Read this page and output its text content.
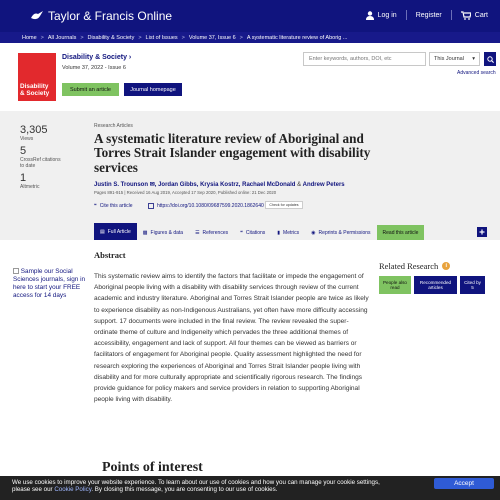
Taylor & Francis Online	Log in	Register	Cart
Home > All Journals > Disability & Society > List of Issues > Volume 37, Issue 6 > A systematic literature review of Aborig ...
Disability
& Society
Disability & Society ›
Volume 37, 2022 - Issue 6
Submit an article	Journal homepage
Enter keywords, authors, DOI, etc
This Journal ▾
Advanced search
3,305
Views
5
CrossRef citations to date
1
Altmetric
Research Articles
A systematic literature review of Aboriginal and Torres Strait Islander engagement with disability services
Justin S. Trounson ✉, Jordan Gibbs, Krysia Kostrz, Rachael McDonald & Andrew Peters
Pages 891-915 | Received 16 Aug 2019, Accepted 17 Sep 2020, Published online: 21 Dec 2020
❝ Cite this article	https://doi.org/10.1080/09687599.2020.1862640 Check for updates
▤ Full Article ▩ Figures & data ☰ References ❝ Citations ▮ Metrics ◉ Reprints & Permissions Read this article
Sample our Social Sciences journals, sign in here to start your FREE access for 14 days
Abstract
This systematic review aims to identify the factors that facilitate or impede the engagement of Aboriginal people living with a disability with disability services through review of the current academic and industry literature. Aboriginal and Torres Strait Islander people are twice as likely to experience disability as non-Indigenous Australians, yet often have more difficulty accessing support. 17 documents were included in the final review. The review revealed the super-ordinate theme of culture and Indigeneity which pervades the three additional themes of accessibility, engagement and lack of support. All four themes can be viewed as barriers or facilitators of engagement for Aboriginal people. Quality assessment highlighted the need for research exploring the experiences of Aboriginal and Torres Strait Islander people living with disability and for more culturally appropriate and scientifically rigorous research. The findings provide guidance for policy makers and service providers in relation to supporting Aboriginal people living with disability.
Points of interest
Related Research	i
People also read
Recommended articles
Cited by 5
We use cookies to improve your website experience. To learn about our use of cookies and how you can manage your cookie settings,
please see our Cookie Policy. By closing this message, you are consenting to our use of cookies.
Accept
